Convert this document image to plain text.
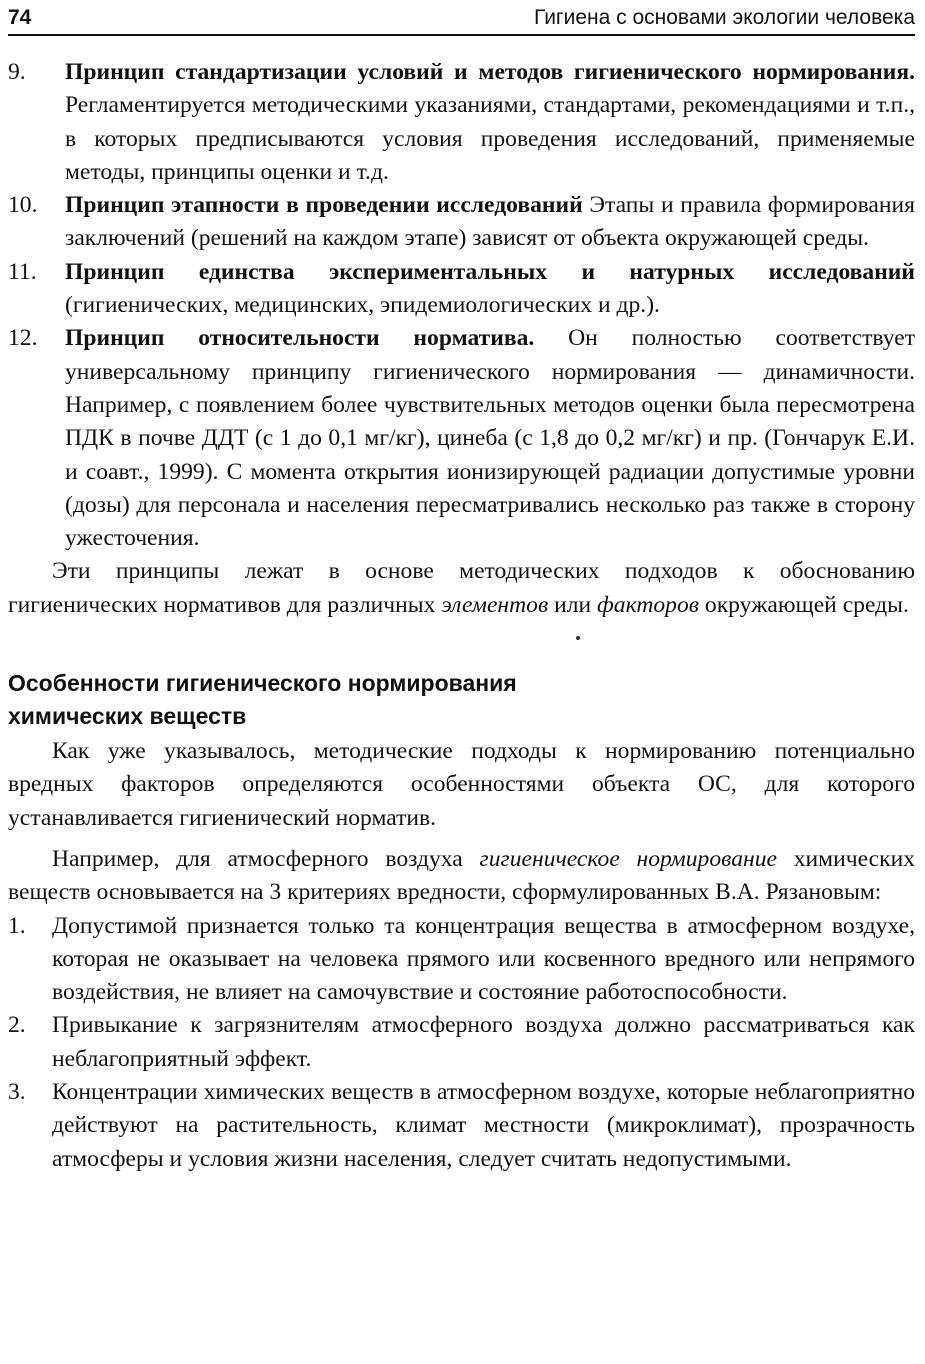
74	Гигиена с основами экологии человека
9. Принцип стандартизации условий и методов гигиенического нормирования. Регламентируется методическими указаниями, стандартами, рекомендациями и т.п., в которых предписываются условия проведения исследований, применяемые методы, принципы оценки и т.д.

10. Принцип этапности в проведении исследований Этапы и правила формирования заключений (решений на каждом этапе) зависят от объекта окружающей среды.

11. Принцип единства экспериментальных и натурных исследований (гигиенических, медицинских, эпидемиологических и др.).

12. Принцип относительности норматива. Он полностью соответствует универсальному принципу гигиенического нормирования — динамичности. Например, с появлением более чувствительных методов оценки была пересмотрена ПДК в почве ДДТ (с 1 до 0,1 мг/кг), цинеба (с 1,8 до 0,2 мг/кг) и пр. (Гончарук Е.И. и соавт., 1999). С момента открытия ионизирующей радиации допустимые уровни (дозы) для персонала и населения пересматривались несколько раз также в сторону ужесточения.

Эти принципы лежат в основе методических подходов к обоснованию гигиенических нормативов для различных элементов или факторов окружающей среды.

Особенности гигиенического нормирования
химических веществ

Как уже указывалось, методические подходы к нормированию потенциально вредных факторов определяются особенностями объекта ОС, для которого устанавливается гигиенический норматив.

Например, для атмосферного воздуха гигиеническое нормирование химических веществ основывается на 3 критериях вредности, сформулированных В.А. Рязановым:

1. Допустимой признается только та концентрация вещества в атмосферном воздухе, которая не оказывает на человека прямого или косвенного вредного или непрямого воздействия, не влияет на самочувствие и состояние работоспособности.

2. Привыкание к загрязнителям атмосферного воздуха должно рассматриваться как неблагоприятный эффект.

3. Концентрации химических веществ в атмосферном воздухе, которые неблагоприятно действуют на растительность, климат местности (микроклимат), прозрачность атмосферы и условия жизни населения, следует считать недопустимыми.
